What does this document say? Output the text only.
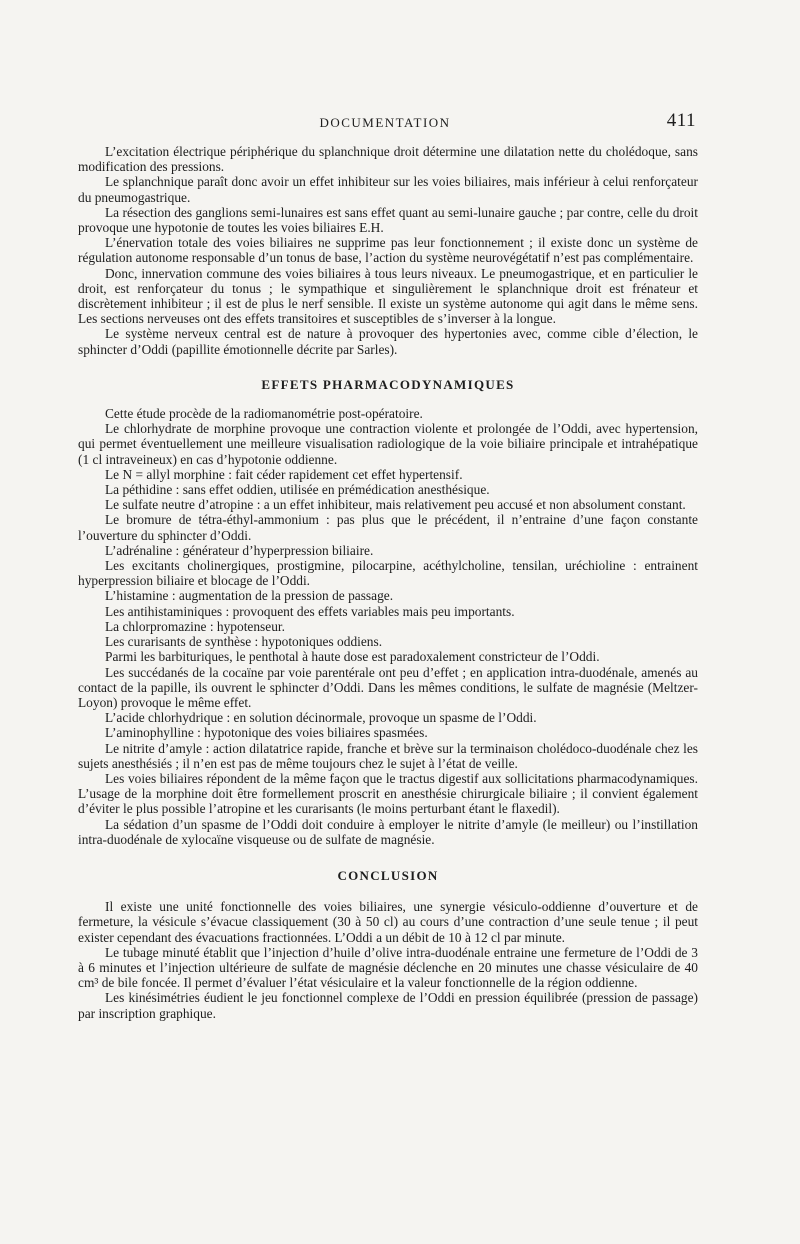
DOCUMENTATION	411

L’excitation électrique périphérique du splanchnique droit détermine une dilatation nette du cholédoque, sans modification des pressions.

Le splanchnique paraît donc avoir un effet inhibiteur sur les voies biliaires, mais inférieur à celui renforçateur du pneumogastrique.

La résection des ganglions semi-lunaires est sans effet quant au semi-lunaire gauche ; par contre, celle du droit provoque une hypotonie de toutes les voies biliaires E.H.

L’énervation totale des voies biliaires ne supprime pas leur fonctionnement ; il existe donc un système de régulation autonome responsable d’un tonus de base, l’action du système neurovégétatif n’est pas complémentaire.

Donc, innervation commune des voies biliaires à tous leurs niveaux. Le pneumogastrique, et en particulier le droit, est renforçateur du tonus ; le sympathique et singulièrement le splanchnique droit est frénateur et discrètement inhibiteur ; il est de plus le nerf sensible. Il existe un système autonome qui agit dans le même sens. Les sections nerveuses ont des effets transitoires et susceptibles de s’inverser à la longue.

Le système nerveux central est de nature à provoquer des hypertonies avec, comme cible d’élection, le sphincter d’Oddi (papillite émotionnelle décrite par Sarles).

EFFETS PHARMACODYNAMIQUES

Cette étude procède de la radiomanométrie post-opératoire.

Le chlorhydrate de morphine provoque une contraction violente et prolongée de l’Oddi, avec hypertension, qui permet éventuellement une meilleure visualisation radiologique de la voie biliaire principale et intrahépatique (1 cl intraveineux) en cas d’hypotonie oddienne.

Le N = allyl morphine : fait céder rapidement cet effet hypertensif.

La péthidine : sans effet oddien, utilisée en prémédication anesthésique.

Le sulfate neutre d’atropine : a un effet inhibiteur, mais relativement peu accusé et non absolument constant.

Le bromure de tétra-éthyl-ammonium : pas plus que le précédent, il n’entraine d’une façon constante l’ouverture du sphincter d’Oddi.

L’adrénaline : générateur d’hyperpression biliaire.

Les excitants cholinergiques, prostigmine, pilocarpine, acéthylcholine, tensilan, uréchioline : entrainent hyperpression biliaire et blocage de l’Oddi.

L’histamine : augmentation de la pression de passage.

Les antihistaminiques : provoquent des effets variables mais peu importants.

La chlorpromazine : hypotenseur.

Les curarisants de synthèse : hypotoniques oddiens.

Parmi les barbituriques, le penthotal à haute dose est paradoxalement constricteur de l’Oddi.

Les succédanés de la cocaïne par voie parentérale ont peu d’effet ; en application intra-duodénale, amenés au contact de la papille, ils ouvrent le sphincter d’Oddi. Dans les mêmes conditions, le sulfate de magnésie (Meltzer-Loyon) provoque le même effet.

L’acide chlorhydrique : en solution décinormale, provoque un spasme de l’Oddi.

L’aminophylline : hypotonique des voies biliaires spasmées.

Le nitrite d’amyle : action dilatatrice rapide, franche et brève sur la terminaison cholédoco-duodénale chez les sujets anesthésiés ; il n’en est pas de même toujours chez le sujet à l’état de veille.

Les voies biliaires répondent de la même façon que le tractus digestif aux sollicitations pharmacodynamiques. L’usage de la morphine doit être formellement proscrit en anesthésie chirurgicale biliaire ; il convient également d’éviter le plus possible l’atropine et les curarisants (le moins perturbant étant le flaxedil).

La sédation d’un spasme de l’Oddi doit conduire à employer le nitrite d’amyle (le meilleur) ou l’instillation intra-duodénale de xylocaïne visqueuse ou de sulfate de magnésie.

CONCLUSION

Il existe une unité fonctionnelle des voies biliaires, une synergie vésiculo-oddienne d’ouverture et de fermeture, la vésicule s’évacue classiquement (30 à 50 cl) au cours d’une contraction d’une seule tenue ; il peut exister cependant des évacuations fractionnées. L’Oddi a un débit de 10 à 12 cl par minute.

Le tubage minuté établit que l’injection d’huile d’olive intra-duodénale entraine une fermeture de l’Oddi de 3 à 6 minutes et l’injection ultérieure de sulfate de magnésie déclenche en 20 minutes une chasse vésiculaire de 40 cm³ de bile foncée. Il permet d’évaluer l’état vésiculaire et la valeur fonctionnelle de la région oddienne.

Les kinésimétries éudient le jeu fonctionnel complexe de l’Oddi en pression équilibrée (pression de passage) par inscription graphique.
